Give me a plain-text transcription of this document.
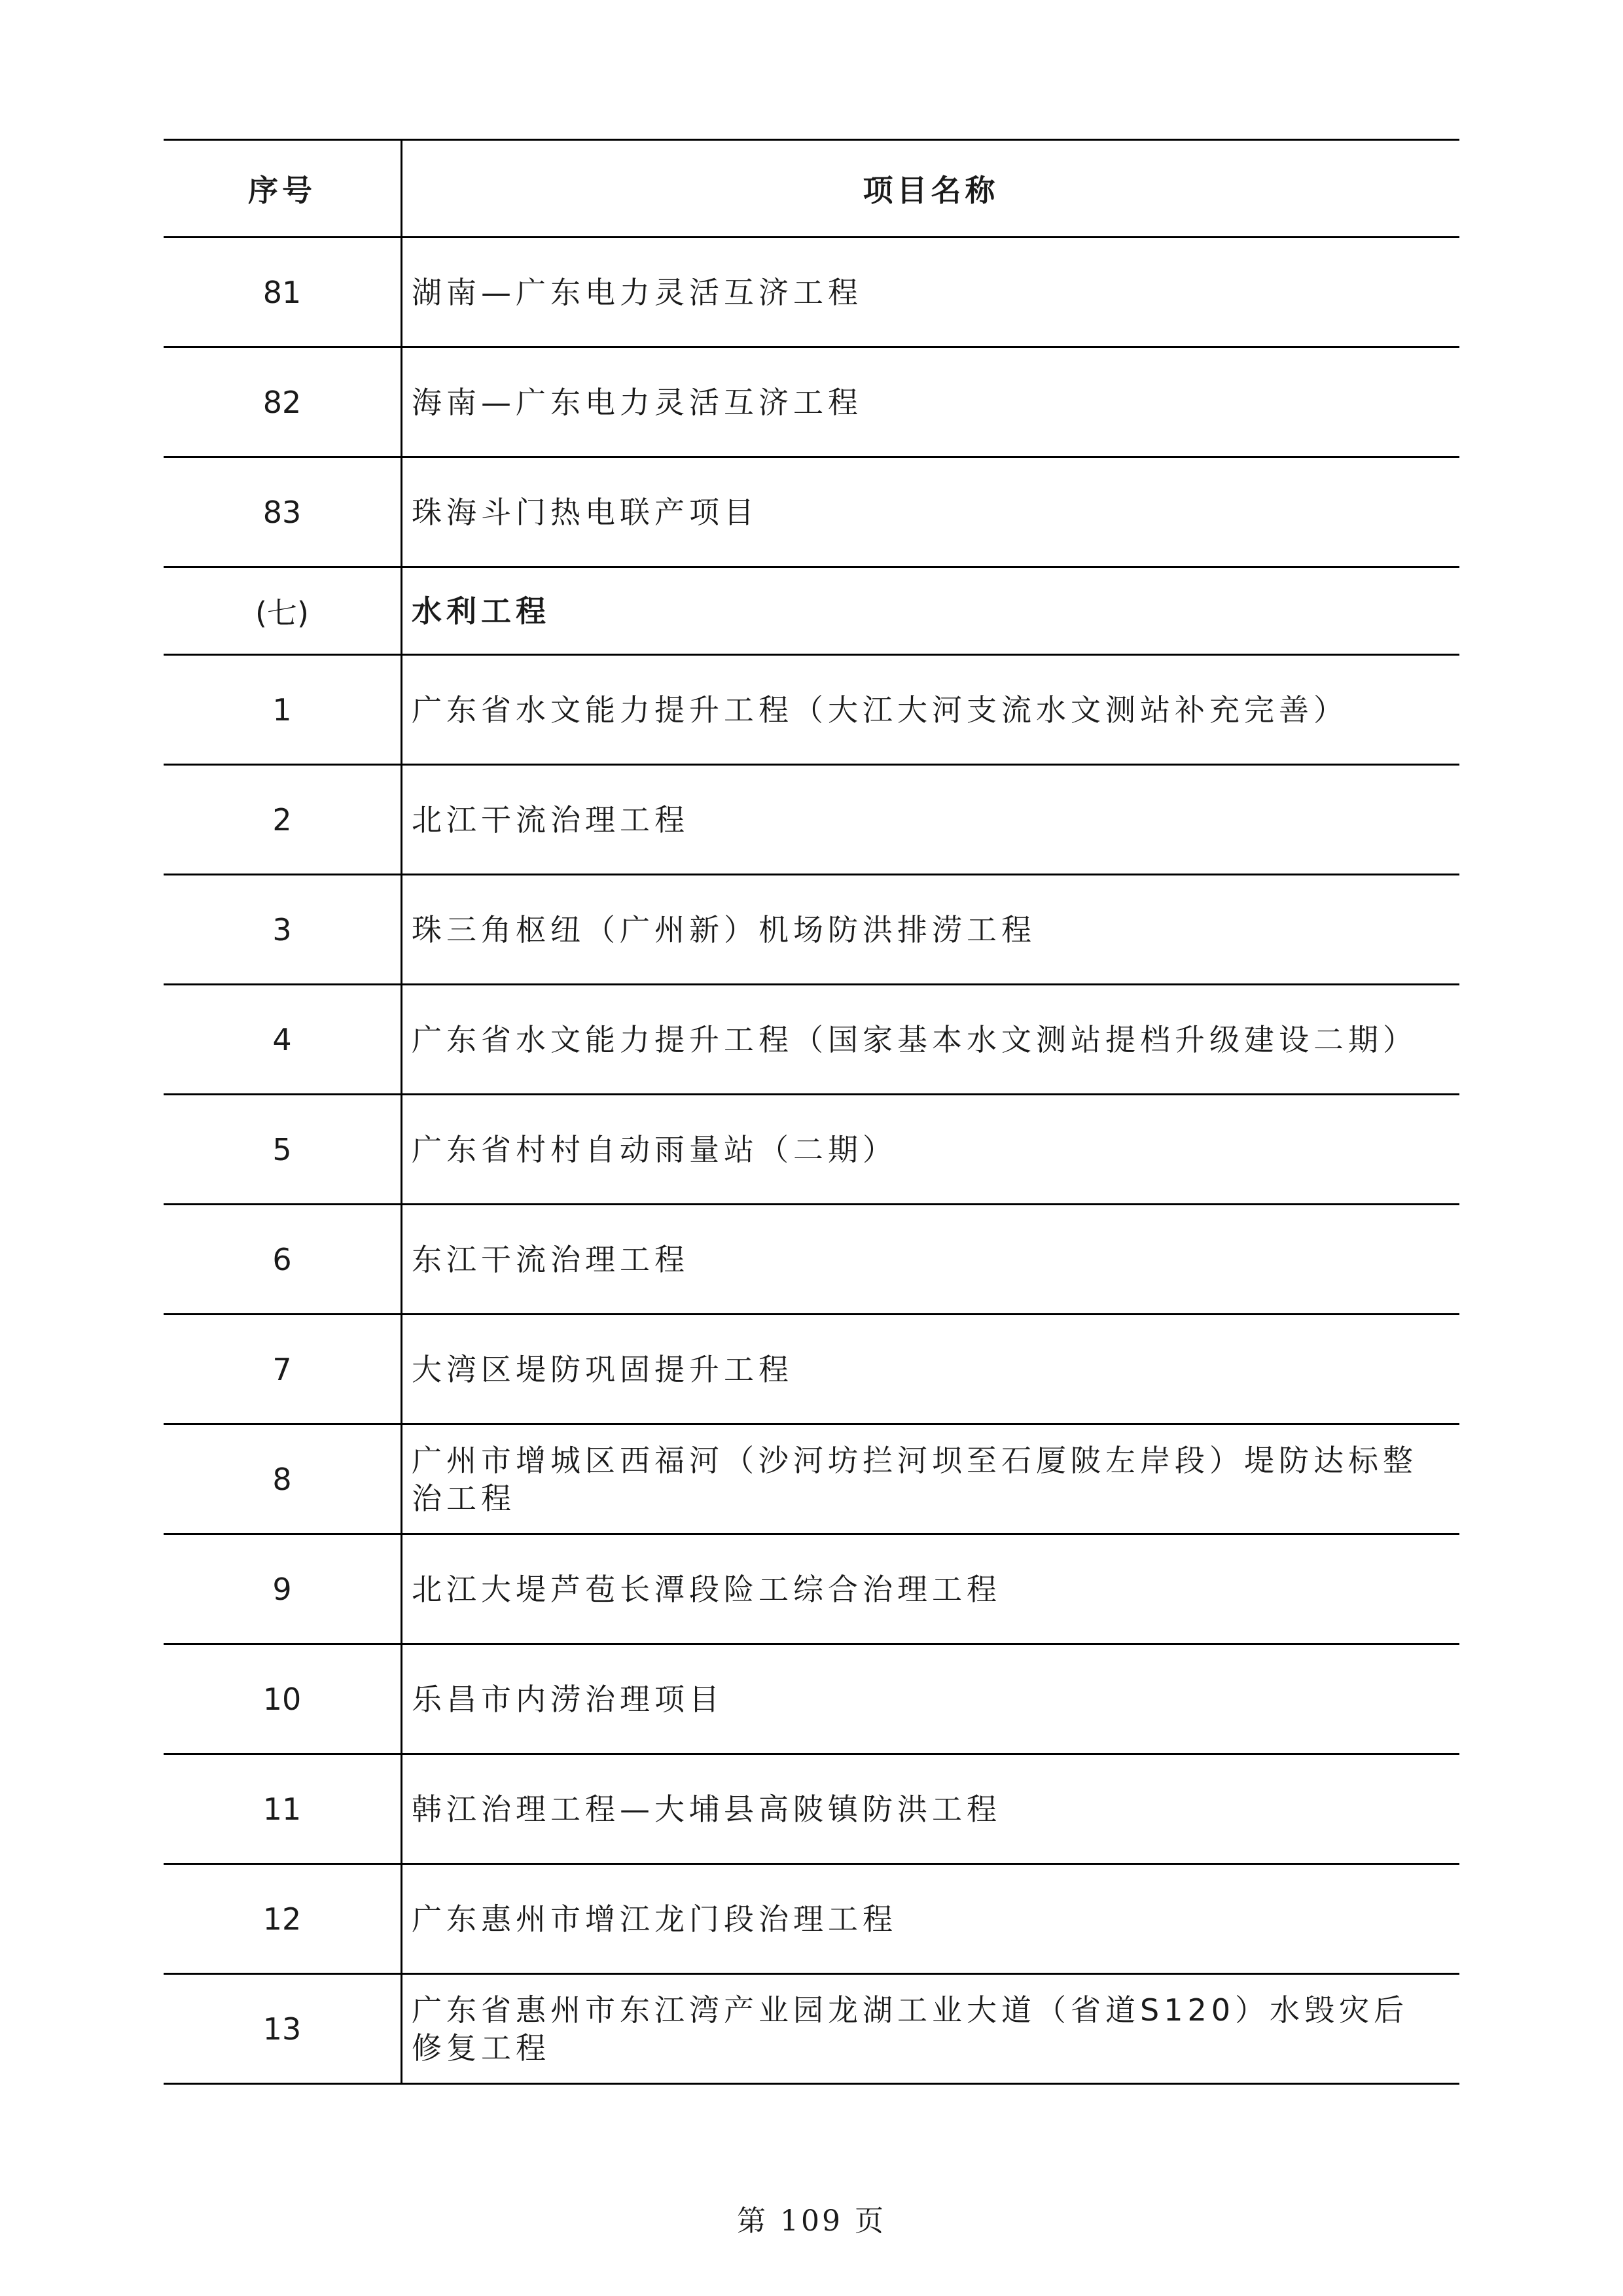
序号	项目名称
81	湖南—广东电力灵活互济工程
82	海南—广东电力灵活互济工程
83	珠海斗门热电联产项目
(七)	水利工程
1	广东省水文能力提升工程（大江大河支流水文测站补充完善）
2	北江干流治理工程
3	珠三角枢纽（广州新）机场防洪排涝工程
4	广东省水文能力提升工程（国家基本水文测站提档升级建设二期）
5	广东省村村自动雨量站（二期）
6	东江干流治理工程
7	大湾区堤防巩固提升工程
8	广州市增城区西福河（沙河坊拦河坝至石厦陂左岸段）堤防达标整治工程
9	北江大堤芦苞长潭段险工综合治理工程
10	乐昌市内涝治理项目
11	韩江治理工程—大埔县高陂镇防洪工程
12	广东惠州市增江龙门段治理工程
13	广东省惠州市东江湾产业园龙湖工业大道（省道S120）水毁灾后修复工程
第 109 页
